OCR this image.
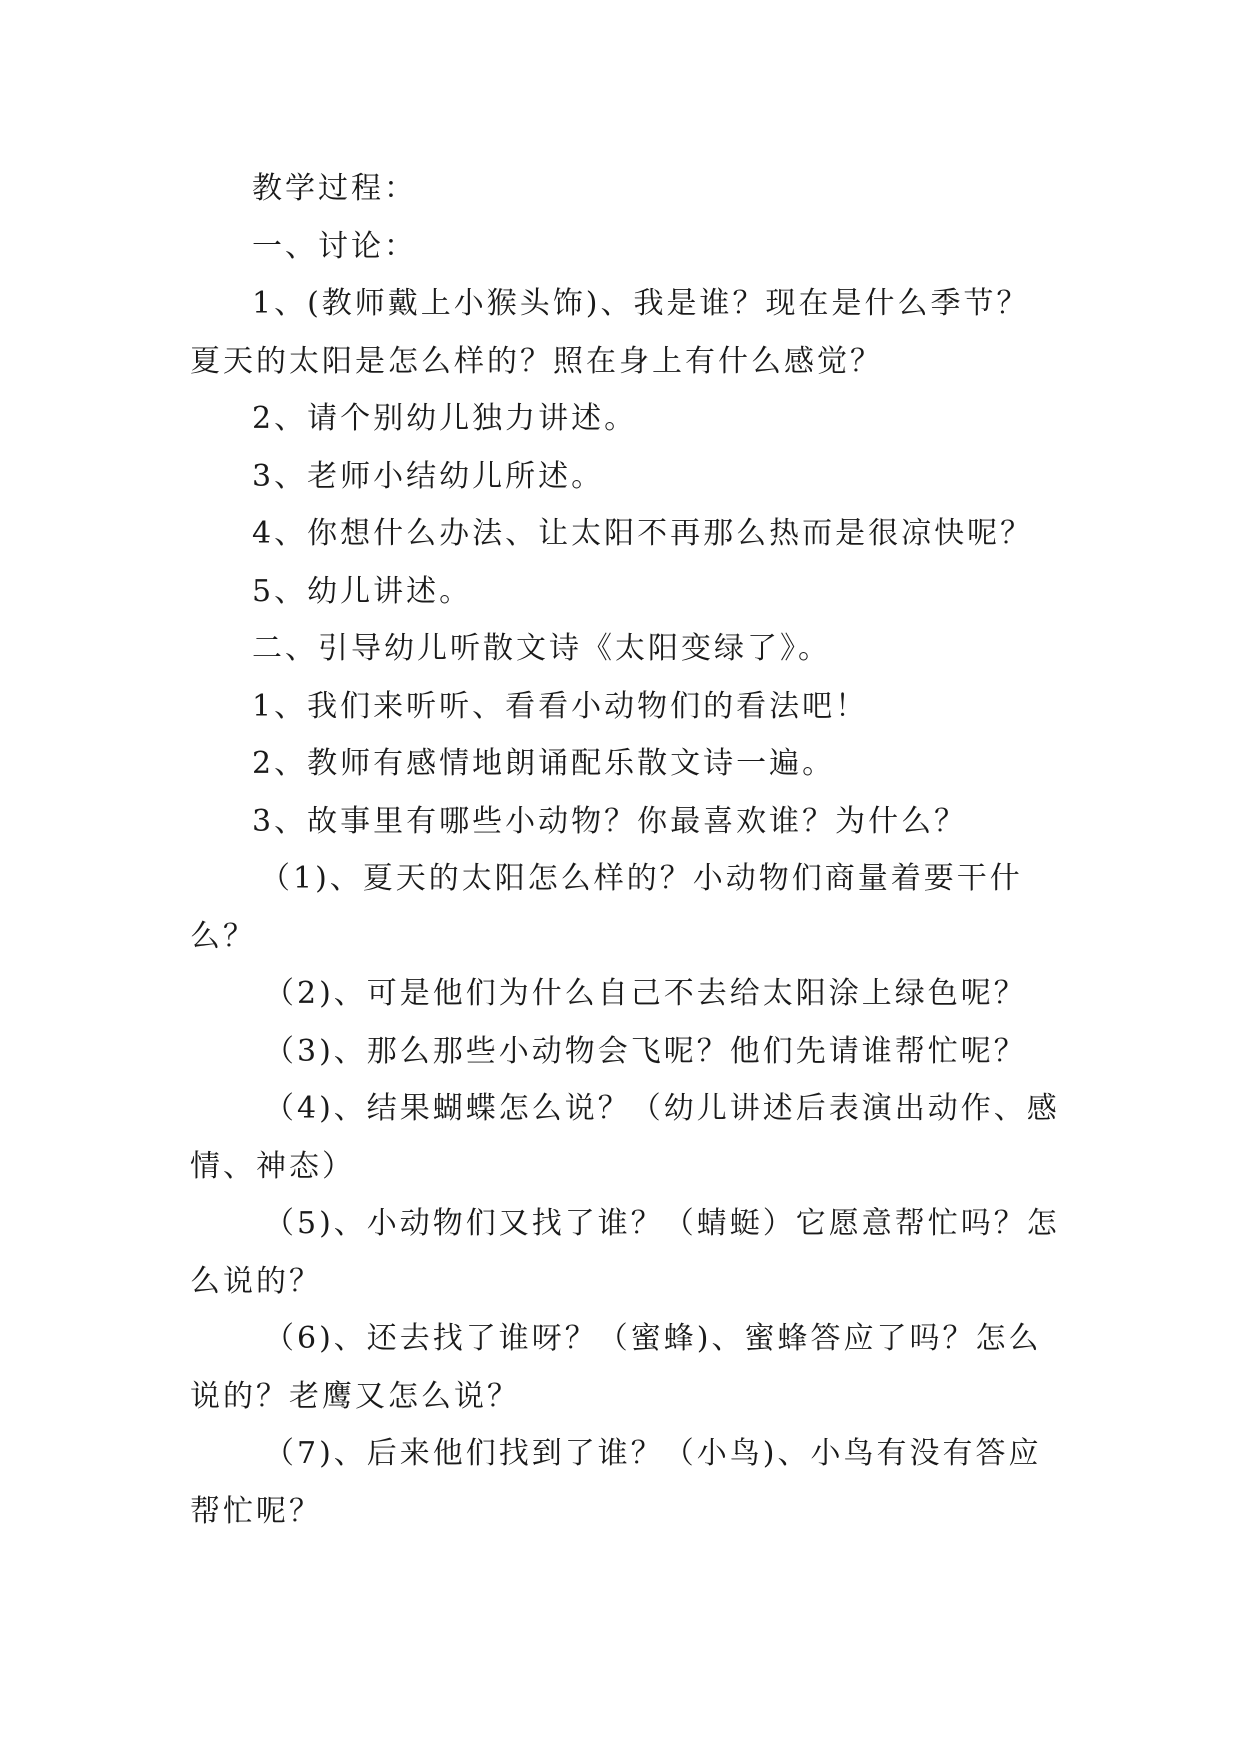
教学过程：
一、讨论：
1、(教师戴上小猴头饰)、我是谁？现在是什么季节？
夏天的太阳是怎么样的？照在身上有什么感觉？
2、请个别幼儿独力讲述。
3、老师小结幼儿所述。
4、你想什么办法、让太阳不再那么热而是很凉快呢？
5、幼儿讲述。
二、引导幼儿听散文诗《太阳变绿了》。
1、我们来听听、看看小动物们的看法吧！
2、教师有感情地朗诵配乐散文诗一遍。
3、故事里有哪些小动物？你最喜欢谁？为什么？
（1)、夏天的太阳怎么样的？小动物们商量着要干什
么？
（2)、可是他们为什么自己不去给太阳涂上绿色呢？
（3)、那么那些小动物会飞呢？他们先请谁帮忙呢？
（4)、结果蝴蝶怎么说？（幼儿讲述后表演出动作、感
情、神态）
（5)、小动物们又找了谁？（蜻蜓）它愿意帮忙吗？怎
么说的？
（6)、还去找了谁呀？（蜜蜂)、蜜蜂答应了吗？怎么
说的？老鹰又怎么说？
（7)、后来他们找到了谁？（小鸟)、小鸟有没有答应
帮忙呢？
